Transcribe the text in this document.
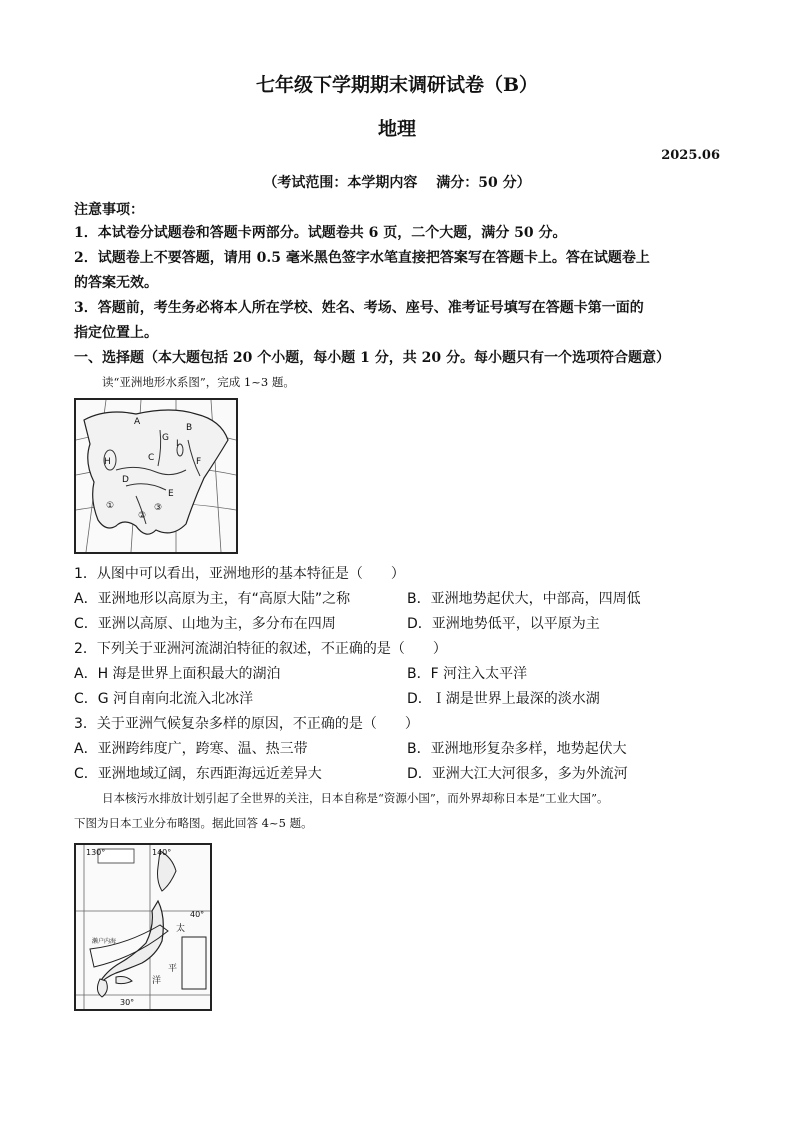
七年级下学期期末调研试卷（B）
地理
2025.06
（考试范围：本学期内容　 满分：50 分）
注意事项：
1．本试卷分试题卷和答题卡两部分。试题卷共 6 页，二个大题，满分 50 分。
2．试题卷上不要答题，请用 0.5 毫米黑色签字水笔直接把答案写在答题卡上。答在试题卷上
的答案无效。
3．答题前，考生务必将本人所在学校、姓名、考场、座号、准考证号填写在答题卡第一面的
指定位置上。
一、选择题（本大题包括 20 个小题，每小题 1 分，共 20 分。每小题只有一个选项符合题意）
读“亚洲地形水系图”，完成 1~3 题。
A
B
C
D
E
F
G
H
I
①
②
③
1．从图中可以看出，亚洲地形的基本特征是（　　）
A．亚洲地形以高原为主，有“高原大陆”之称	B．亚洲地势起伏大，中部高，四周低
C．亚洲以高原、山地为主，多分布在四周	D．亚洲地势低平，以平原为主
2．下列关于亚洲河流湖泊特征的叙述，不正确的是（　　）
A．H 海是世界上面积最大的湖泊	B．F 河注入太平洋
C．G 河自南向北流入北冰洋	D．Ｉ湖是世界上最深的淡水湖
3．关于亚洲气候复杂多样的原因，不正确的是（　　）
A．亚洲跨纬度广，跨寒、温、热三带	B．亚洲地形复杂多样，地势起伏大
C．亚洲地域辽阔，东西距海远近差异大	D．亚洲大江大河很多，多为外流河
日本核污水排放计划引起了全世界的关注，日本自称是“资源小国”，而外界却称日本是“工业大国”。
下图为日本工业分布略图。据此回答 4~5 题。
130°	140°
40°
30°
太
平
洋
濑户内海
